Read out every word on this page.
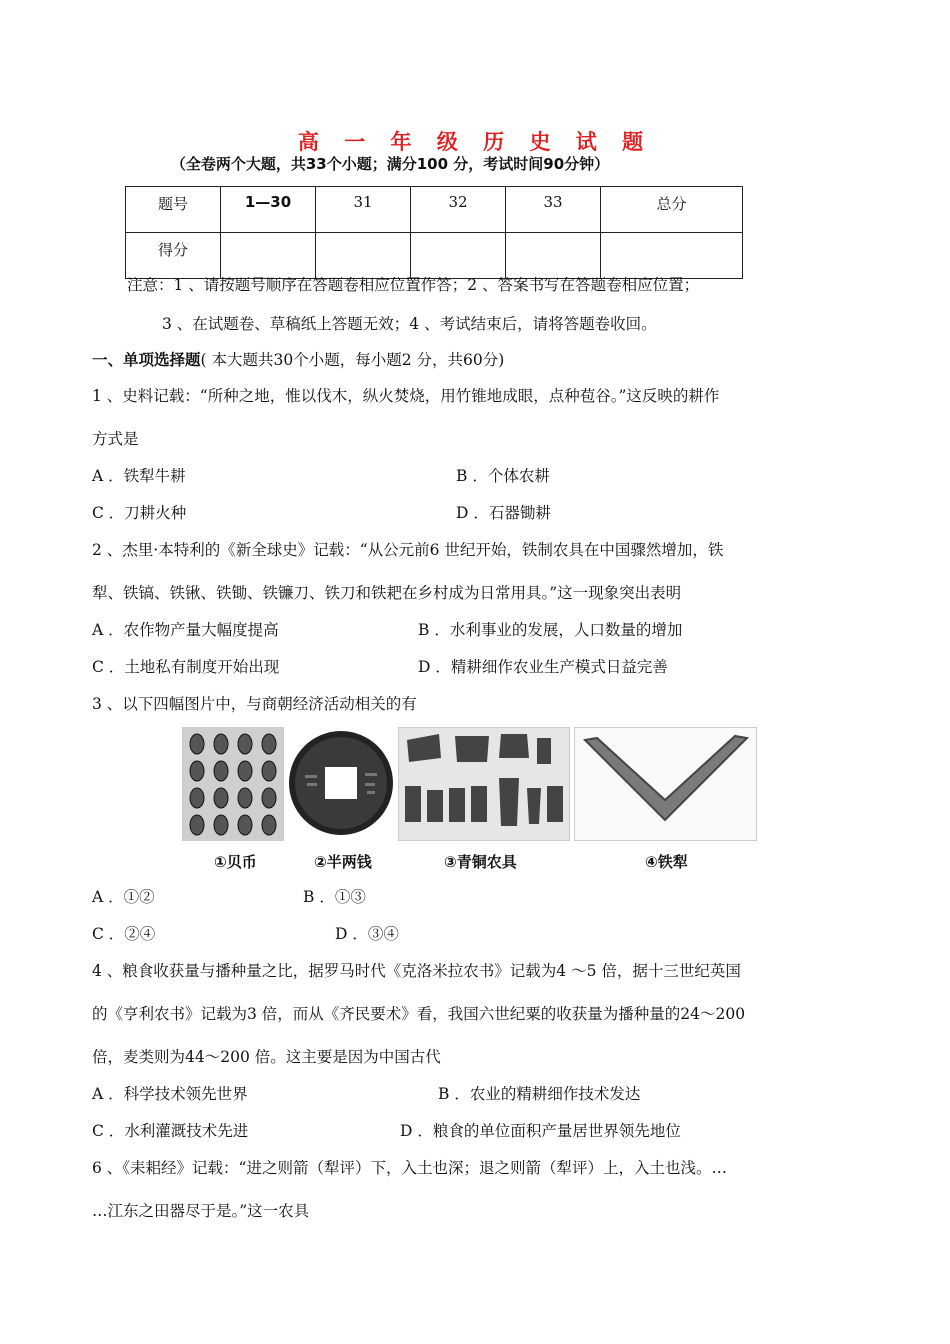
高 一 年 级 历 史 试 题
（全卷两个大题，共33个小题；满分100 分，考试时间90分钟）
题号	1—30	31	32	33	总分
得分					
注意：1 、请按题号顺序在答题卷相应位置作答；2 、答案书写在答题卷相应位置；
3 、在试题卷、草稿纸上答题无效；4 、考试结束后，请将答题卷收回。
一、单项选择题( 本大题共30个小题，每小题2 分，共60分)
1 、史料记载：“所种之地，惟以伐木，纵火焚烧，用竹锥地成眼，点种苞谷。”这反映的耕作
方式是
A ．铁犁牛耕	B ．个体农耕
C ．刀耕火种	D ．石器锄耕
2 、杰里·本特利的《新全球史》记载：“从公元前6 世纪开始，铁制农具在中国骤然增加，铁
犁、铁镐、铁锹、铁锄、铁镰刀、铁刀和铁耙在乡村成为日常用具。”这一现象突出表明
A ．农作物产量大幅度提高	B ．水利事业的发展，人口数量的增加
C ．土地私有制度开始出现	D ．精耕细作农业生产模式日益完善
3 、以下四幅图片中，与商朝经济活动相关的有
①贝币	②半两钱	③青铜农具	④铁犁
A ．①②	B ．①③
C ．②④	D ．③④
4 、粮食收获量与播种量之比，据罗马时代《克洛米拉农书》记载为4 ～5 倍，据十三世纪英国
的《亨利农书》记载为3 倍，而从《齐民要术》看，我国六世纪粟的收获量为播种量的24～200
倍，麦类则为44～200 倍。这主要是因为中国古代
A ．科学技术领先世界	B ．农业的精耕细作技术发达
C ．水利灌溉技术先进	D ．粮食的单位面积产量居世界领先地位
6 、《耒耜经》记载：“进之则箭（犁评）下，入土也深；退之则箭（犁评）上，入土也浅。…
…江东之田器尽于是。”这一农具
